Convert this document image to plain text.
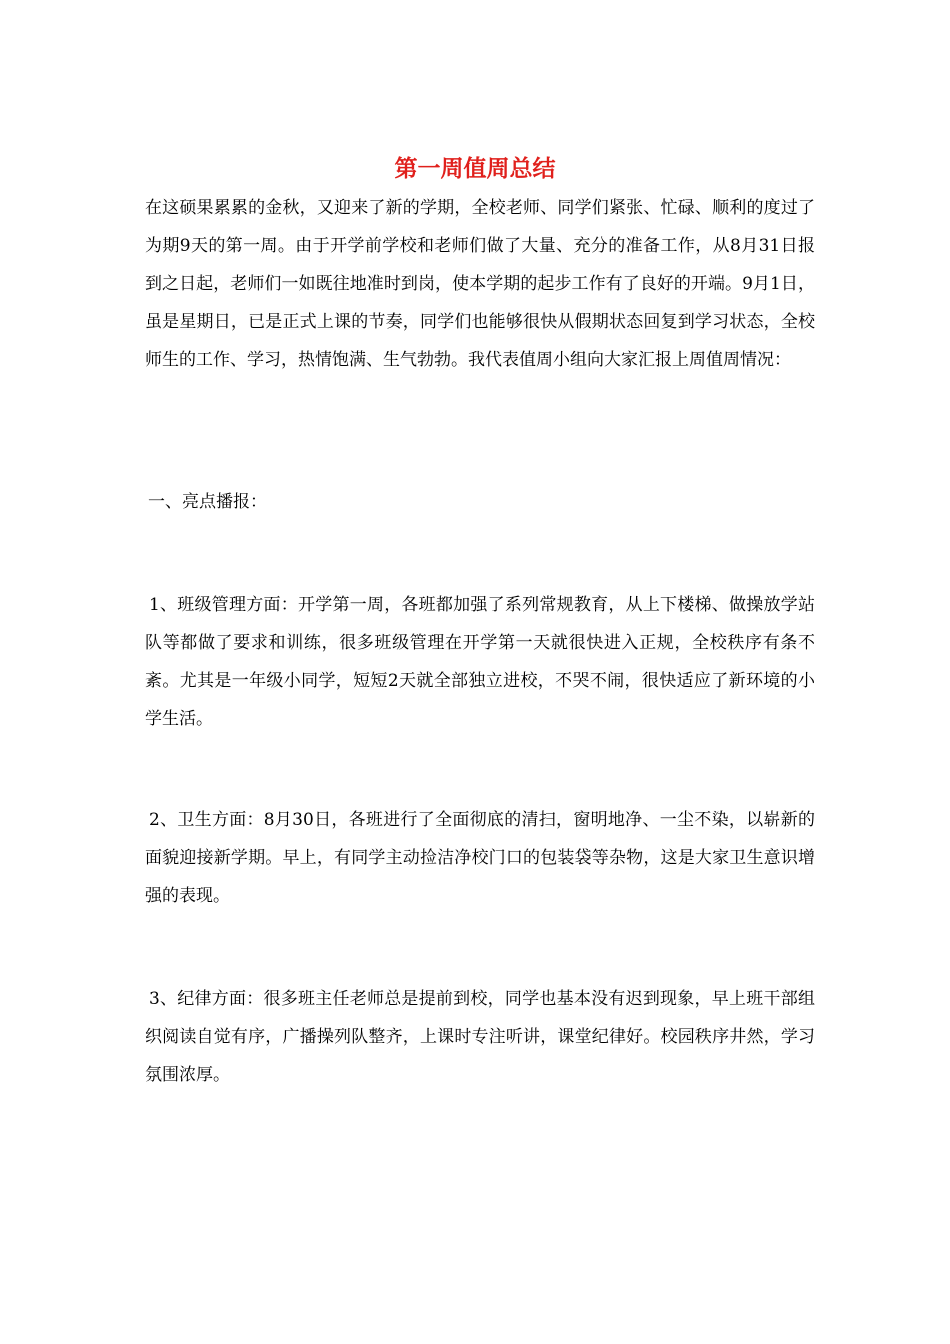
第一周值周总结
在这硕果累累的金秋，又迎来了新的学期，全校老师、同学们紧张、忙碌、顺利的度过了为期9天的第一周。由于开学前学校和老师们做了大量、充分的准备工作，从8月31日报到之日起，老师们一如既往地准时到岗，使本学期的起步工作有了良好的开端。9月1日，虽是星期日，已是正式上课的节奏，同学们也能够很快从假期状态回复到学习状态，全校师生的工作、学习，热情饱满、生气勃勃。我代表值周小组向大家汇报上周值周情况：
一、亮点播报：
1、班级管理方面：开学第一周，各班都加强了系列常规教育，从上下楼梯、做操放学站队等都做了要求和训练，很多班级管理在开学第一天就很快进入正规，全校秩序有条不紊。尤其是一年级小同学，短短2天就全部独立进校，不哭不闹，很快适应了新环境的小学生活。
2、卫生方面：8月30日，各班进行了全面彻底的清扫，窗明地净、一尘不染，以崭新的面貌迎接新学期。早上，有同学主动捡洁净校门口的包装袋等杂物，这是大家卫生意识增强的表现。
3、纪律方面：很多班主任老师总是提前到校，同学也基本没有迟到现象，早上班干部组织阅读自觉有序，广播操列队整齐，上课时专注听讲，课堂纪律好。校园秩序井然，学习氛围浓厚。
